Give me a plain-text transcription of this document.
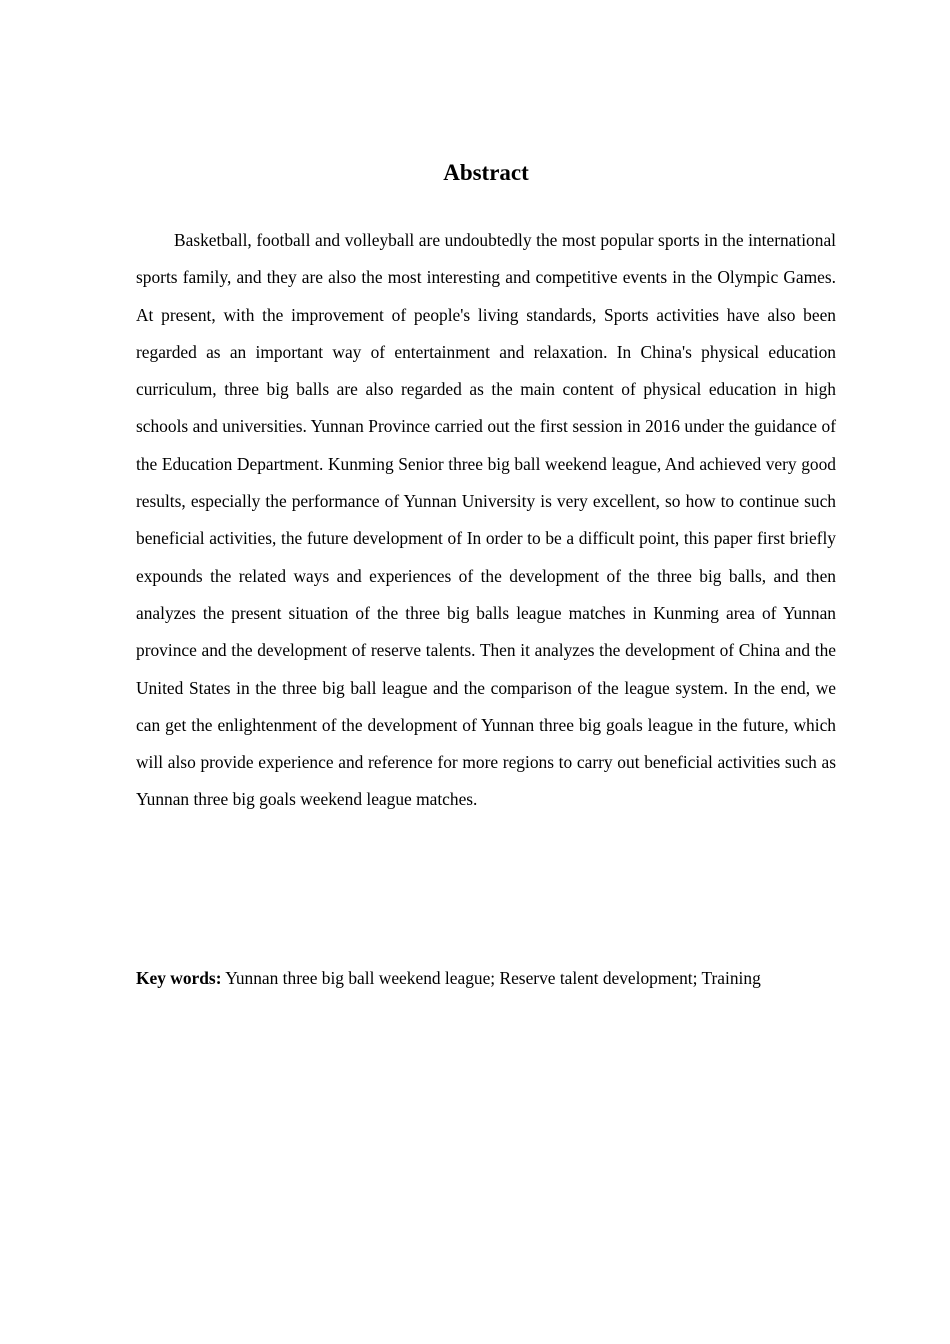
Abstract

Basketball, football and volleyball are undoubtedly the most popular sports in the international sports family, and they are also the most interesting and competitive events in the Olympic Games. At present, with the improvement of people's living standards, Sports activities have also been regarded as an important way of entertainment and relaxation. In China's physical education curriculum, three big balls are also regarded as the main content of physical education in high schools and universities. Yunnan Province carried out the first session in 2016 under the guidance of the Education Department. Kunming Senior three big ball weekend league, And achieved very good results, especially the performance of Yunnan University is very excellent, so how to continue such beneficial activities, the future development of In order to be a difficult point, this paper first briefly expounds the related ways and experiences of the development of the three big balls, and then analyzes the present situation of the three big balls league matches in Kunming area of Yunnan province and the development of reserve talents. Then it analyzes the development of China and the United States in the three big ball league and the comparison of the league system. In the end, we can get the enlightenment of the development of Yunnan three big goals league in the future, which will also provide experience and reference for more regions to carry out beneficial activities such as Yunnan three big goals weekend league matches.

Key words: Yunnan three big ball weekend league; Reserve talent development; Training
